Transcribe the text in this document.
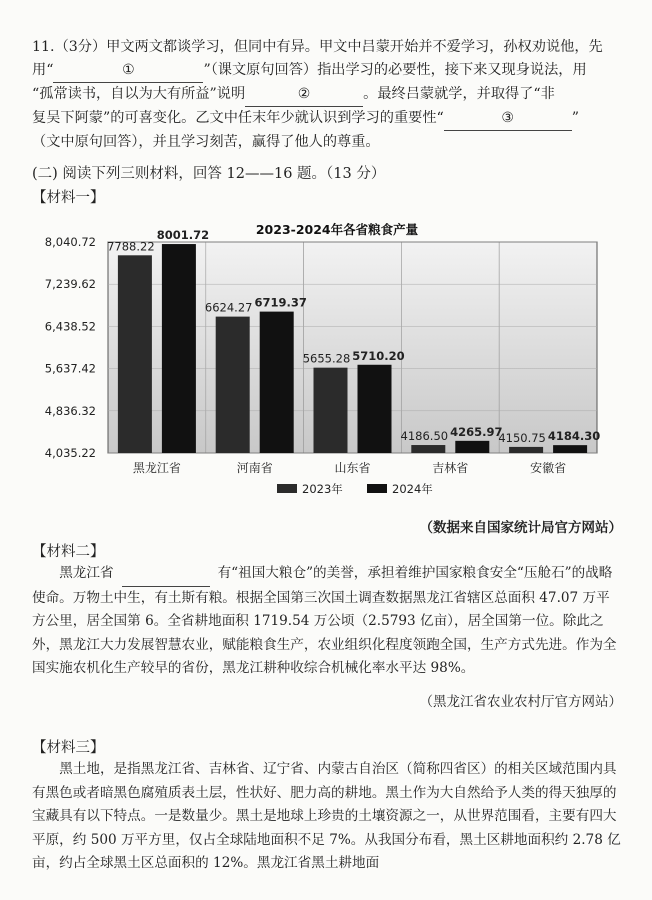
11.（3分）甲文两文都谈学习，但同中有异。甲文中吕蒙开始并不爱学习，孙权劝说他，先

用“	①	”（课文原句回答）指出学习的必要性，接下来又现身说法，用

“孤常读书，自以为大有所益”说明	②	。最终吕蒙就学，并取得了“非

复吴下阿蒙”的可喜变化。乙文中任末年少就认识到学习的重要性“	③	”

（文中原句回答），并且学习刻苦，赢得了他人的尊重。

(二) 阅读下列三则材料，回答 12——16 题。（13 分）
【材料一】
2023-2024年各省粮食产量
8,040.72
7,239.62
6,438.52
5,637.42
4,836.32
4,035.22
7788.22
8001.72
6624.27 6719.37
5655.28 5710.20
4186.50 4265.97
4150.75 4184.30
黑龙江省	河南省	山东省	吉林省	安徽省
2023年	2024年
（数据来自国家统计局官方网站）
【材料二】

黑龙江省	有“祖国大粮仓”的美誉，承担着维护国家粮食安全“压舱石”的战略使命。万物土中生，有土斯有粮。根据全国第三次国土调查数据黑龙江省辖区总面积 47.07 万平方公里，居全国第 6。全省耕地面积 1719.54 万公顷（2.5793 亿亩），居全国第一位。除此之外，黑龙江大力发展智慧农业，赋能粮食生产，农业组织化程度领跑全国，生产方式先进。作为全国实施农机化生产较早的省份，黑龙江耕种收综合机械化率水平达 98%。

（黑龙江省农业农村厅官方网站）
【材料三】

黑土地，是指黑龙江省、吉林省、辽宁省、内蒙古自治区（简称四省区）的相关区域范围内具有黑色或者暗黑色腐殖质表土层，性状好、肥力高的耕地。黑土作为大自然给予人类的得天独厚的宝藏具有以下特点。一是数量少。黑土是地球上珍贵的土壤资源之一，从世界范围看，主要有四大平原，约 500 万平方里，仅占全球陆地面积不足 7%。从我国分布看，黑土区耕地面积约 2.78 亿亩，约占全球黑土区总面积的 12%。黑龙江省黑土耕地面
